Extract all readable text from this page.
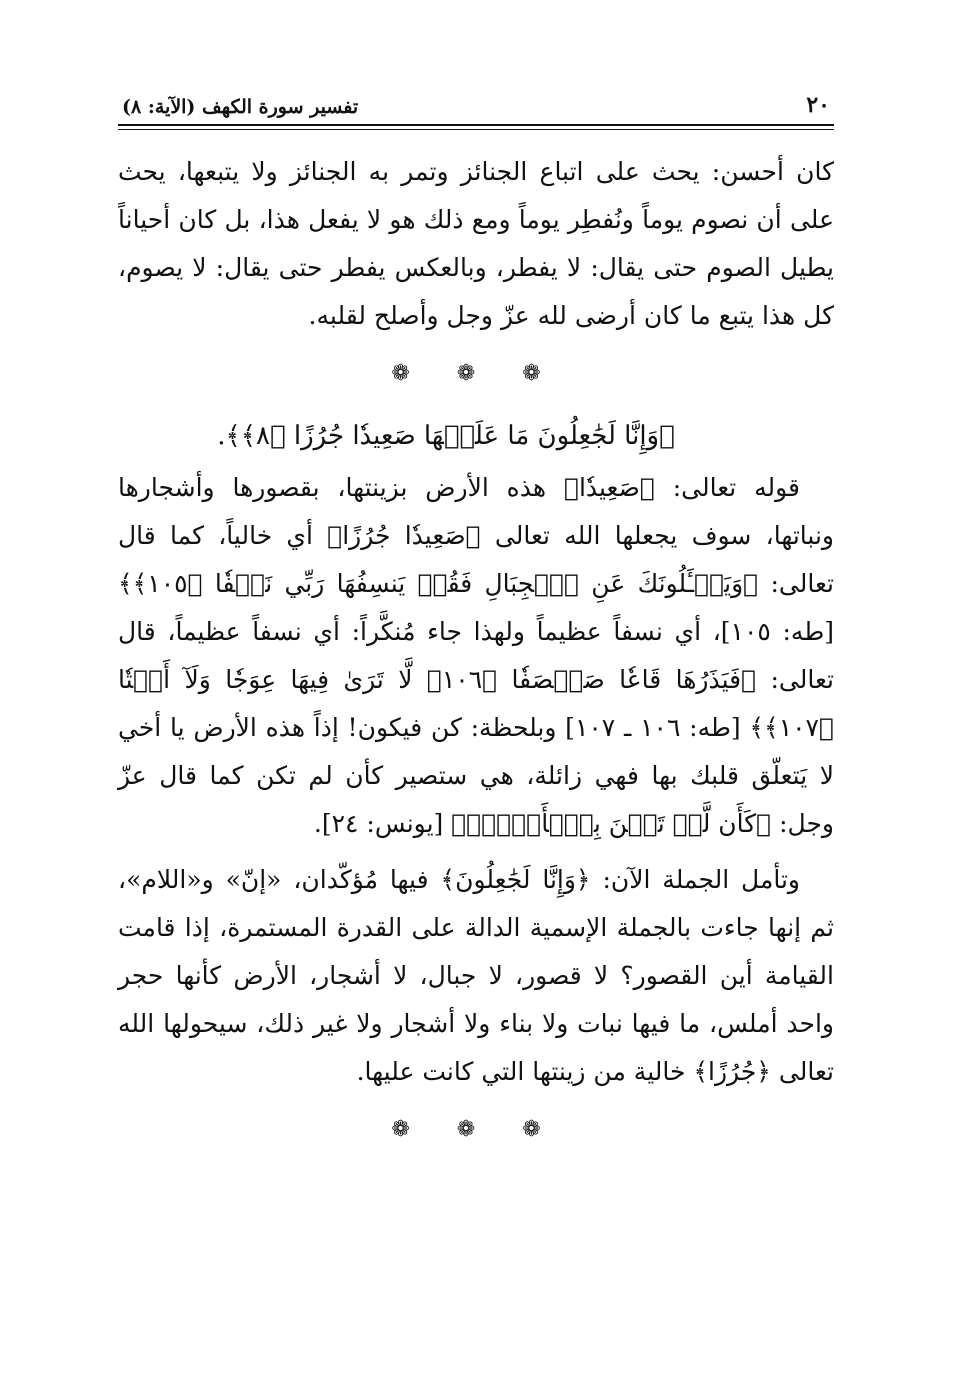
٢٠
تفسير سورة الكهف (الآية: ٨)

كان أحسن: يحث على اتباع الجنائز وتمر به الجنائز ولا يتبعها، يحث على أن نصوم يوماً ونُفطِر يوماً ومع ذلك هو لا يفعل هذا، بل كان أحياناً يطيل الصوم حتى يقال: لا يفطر، وبالعكس يفطر حتى يقال: لا يصوم، كل هذا يتبع ما كان أرضى لله عزّ وجل وأصلح لقلبه.

❁ ❁ ❁

﴿وَإِنَّا لَجَٰعِلُونَ مَا عَلَيۡهَا صَعِيدٗا جُرُزًا ﴿٨﴾﴾.

قوله تعالى: ﴿صَعِيدٗا﴾ هذه الأرض بزينتها، بقصورها وأشجارها ونباتها، سوف يجعلها الله تعالى ﴿صَعِيدٗا جُرُزًا﴾ أي خالياً، كما قال تعالى: ﴿وَيَسۡـَٔلُونَكَ عَنِ ٱلۡجِبَالِ فَقُلۡ يَنسِفُهَا رَبِّي نَسۡفٗا ﴿١٠٥﴾﴾ [طه: ١٠٥]، أي نسفاً عظيماً ولهذا جاء مُنكَّراً: أي نسفاً عظيماً، قال تعالى: ﴿فَيَذَرُهَا قَاعٗا صَفۡصَفٗا ﴿١٠٦﴾ لَّا تَرَىٰ فِيهَا عِوَجٗا وَلَآ أَمۡتٗا ﴿١٠٧﴾﴾ [طه: ١٠٦ ـ ١٠٧] وبلحظة: كن فيكون! إذاً هذه الأرض يا أخي لا يَتعلّق قلبك بها فهي زائلة، هي ستصير كأن لم تكن كما قال عزّ وجل: ﴿كَأَن لَّمۡ تَغۡنَ بِٱلۡأَمۡسِۚ﴾ [يونس: ٢٤].

وتأمل الجملة الآن: ﴿وَإِنَّا لَجَٰعِلُونَ﴾ فيها مُؤكّدان، «إنّ» و«اللام»، ثم إنها جاءت بالجملة الإسمية الدالة على القدرة المستمرة، إذا قامت القيامة أين القصور؟ لا قصور، لا جبال، لا أشجار، الأرض كأنها حجر واحد أملس، ما فيها نبات ولا بناء ولا أشجار ولا غير ذلك، سيحولها الله تعالى ﴿جُرُزًا﴾ خالية من زينتها التي كانت عليها.

❁ ❁ ❁
